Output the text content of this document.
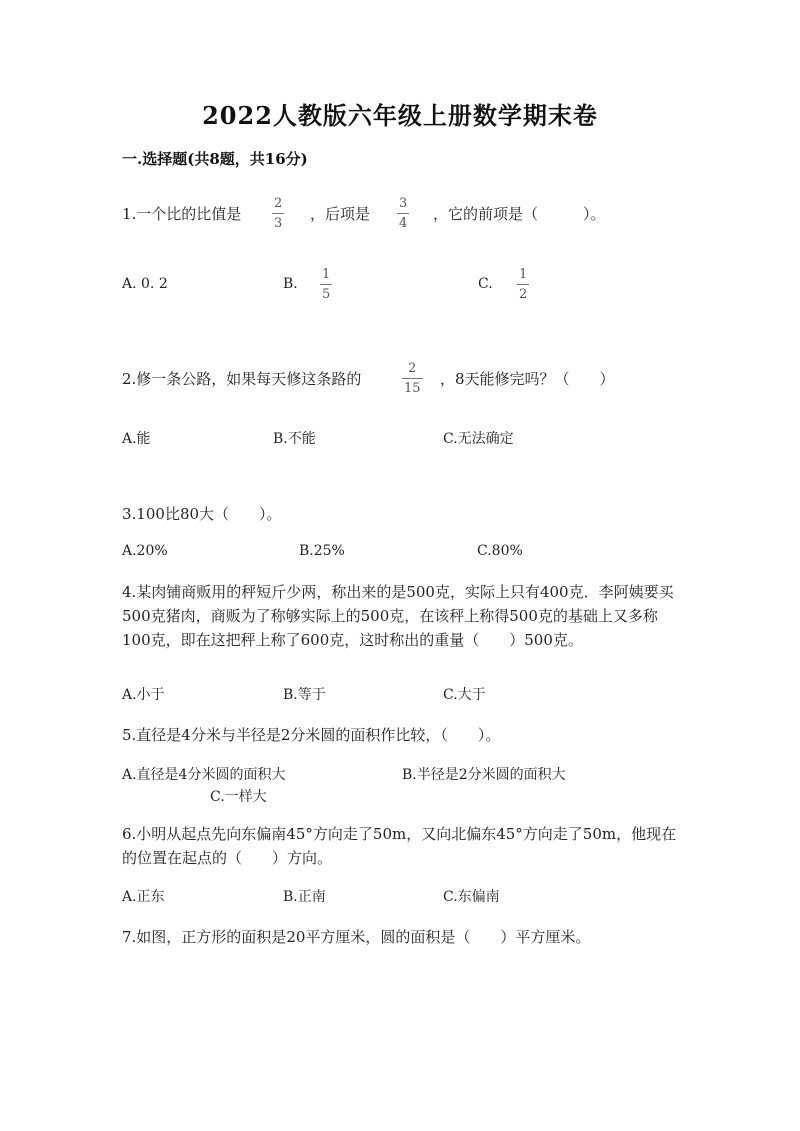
2022人教版六年级上册数学期末卷
一.选择题(共8题，共16分)
1.一个比的比值是
2
3
，后项是
3
4
，它的前项是（　　　）。
A. 0. 2	B.
1
5
C.
1
2
2.修一条公路，如果每天修这条路的
2
15
，8天能修完吗？（　　）
A.能	B.不能	C.无法确定
3.100比80大（　　）。
A.20%	B.25%	C.80%
4.某肉铺商贩用的秤短斤少两，称出来的是500克，实际上只有400克．李阿姨要买500克猪肉，商贩为了称够实际上的500克，在该秤上称得500克的基础上又多称100克，即在这把秤上称了600克，这时称出的重量（　　）500克。
A.小于	B.等于	C.大于
5.直径是4分米与半径是2分米圆的面积作比较，（　　）。
A.直径是4分米圆的面积大	B.半径是2分米圆的面积大
C.一样大
6.小明从起点先向东偏南45°方向走了50m，又向北偏东45°方向走了50m，他现在的位置在起点的（　　）方向。
A.正东	B.正南	C.东偏南
7.如图，正方形的面积是20平方厘米，圆的面积是（　　）平方厘米。
